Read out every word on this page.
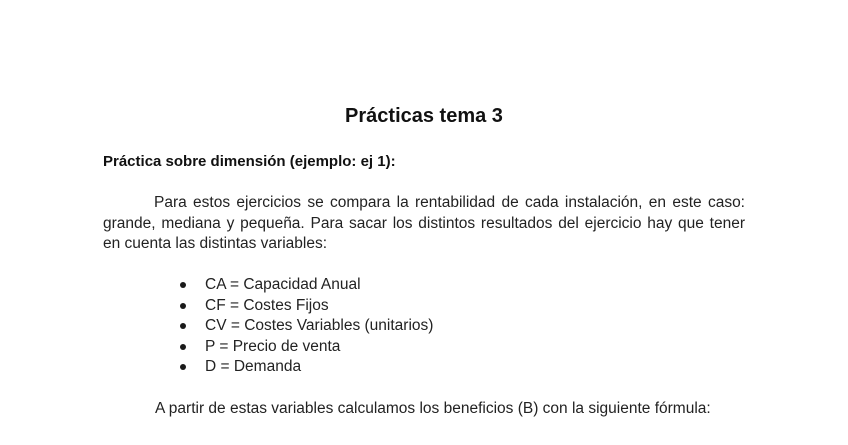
Prácticas tema 3
Práctica sobre dimensión (ejemplo: ej 1):

Para estos ejercicios se compara la rentabilidad de cada instalación, en este caso: grande, mediana y pequeña. Para sacar los distintos resultados del ejercicio hay que tener en cuenta las distintas variables:

CA = Capacidad Anual
CF = Costes Fijos
CV = Costes Variables (unitarios)
P = Precio de venta
D = Demanda
A partir de estas variables calculamos los beneficios (B) con la siguiente fórmula:
